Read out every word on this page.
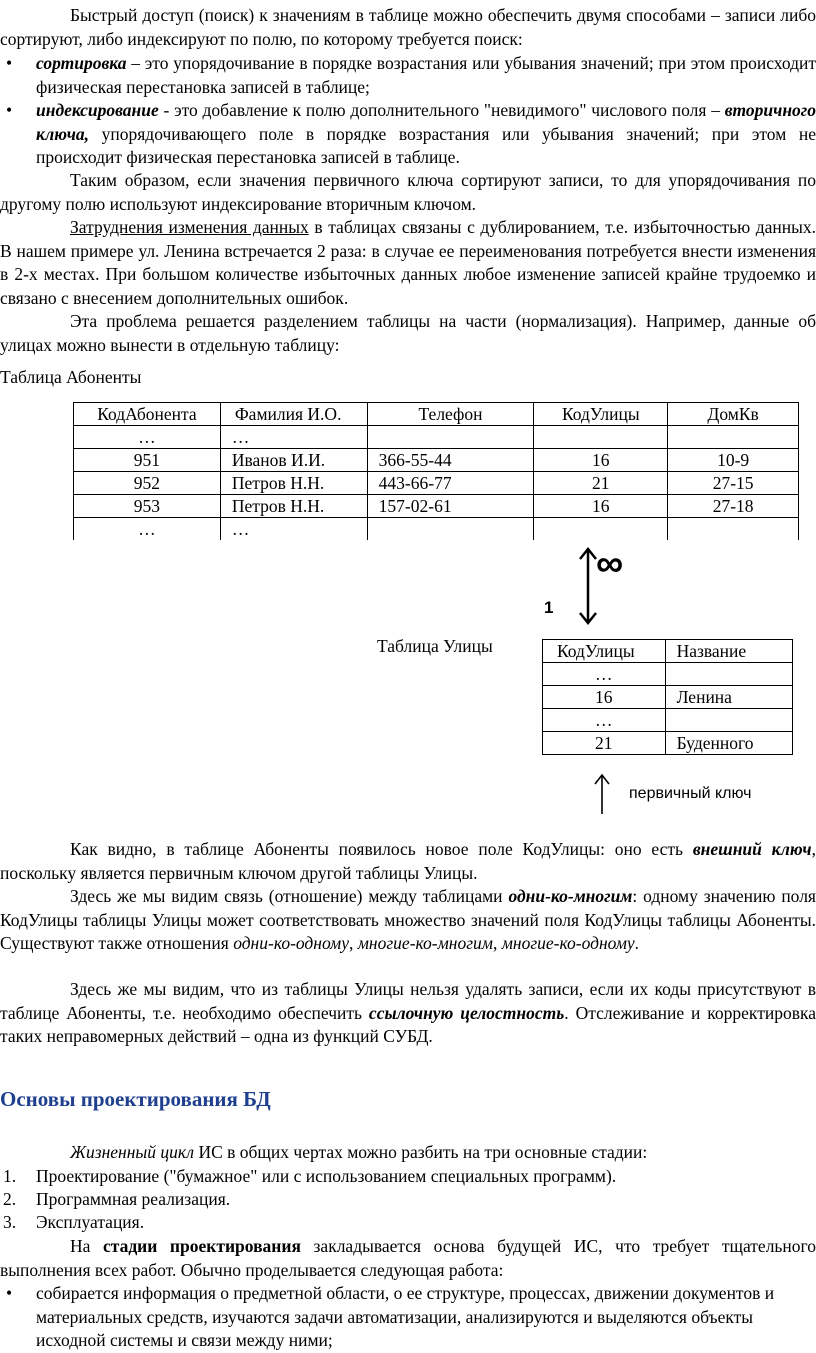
Быстрый доступ (поиск) к значениям в таблице можно обеспечить двумя способами – записи либо сортируют, либо индексируют по полю, по которому требуется поиск:

• сортировка – это упорядочивание в порядке возрастания или убывания значений; при этом происходит физическая перестановка записей в таблице;
• индексирование - это добавление к полю дополнительного "невидимого" числового поля – вторичного ключа, упорядочивающего поле в порядке возрастания или убывания значений; при этом не происходит физическая перестановка записей в таблице.

Таким образом, если значения первичного ключа сортируют записи, то для упорядочивания по другому полю используют индексирование вторичным ключом.

Затруднения изменения данных в таблицах связаны с дублированием, т.е. избыточностью данных. В нашем примере ул. Ленина встречается 2 раза: в случае ее переименования потребуется внести изменения в 2-х местах. При большом количестве избыточных данных любое изменение записей крайне трудоемко и связано с внесением дополнительных ошибок.

Эта проблема решается разделением таблицы на части (нормализация). Например, данные об улицах можно вынести в отдельную таблицу:

Таблица Абоненты
КодАбонента	Фамилия И.О.	Телефон	КодУлицы	ДомКв
…	…			
951	Иванов И.И.	366-55-44	16	10-9
952	Петров Н.Н.	443-66-77	21	27-15
953	Петров Н.Н.	157-02-61	16	27-18
…	…			
∞
1
Таблица Улицы	КодУлицы	Название
…	
16	Ленина
…	
21	Буденного
первичный ключ

Как видно, в таблице Абоненты появилось новое поле КодУлицы: оно есть внешний ключ, поскольку является первичным ключом другой таблицы Улицы.

Здесь же мы видим связь (отношение) между таблицами одни-ко-многим: одному значению поля КодУлицы таблицы Улицы может соответствовать множество значений поля КодУлицы таблицы Абоненты. Существуют также отношения одни-ко-одному, многие-ко-многим, многие-ко-одному.

Здесь же мы видим, что из таблицы Улицы нельзя удалять записи, если их коды присутствуют в таблице Абоненты, т.е. необходимо обеспечить ссылочную целостность. Отслеживание и корректировка таких неправомерных действий – одна из функций СУБД.

Основы проектирования БД

Жизненный цикл ИС в общих чертах можно разбить на три основные стадии:

1. Проектирование ("бумажное" или с использованием специальных программ).
2. Программная реализация.
3. Эксплуатация.

На стадии проектирования закладывается основа будущей ИС, что требует тщательного выполнения всех работ. Обычно проделывается следующая работа:

• собирается информация о предметной области, о ее структуре, процессах, движении документов и материальных средств, изучаются задачи автоматизации, анализируются и выделяются объекты исходной системы и связи между ними;
